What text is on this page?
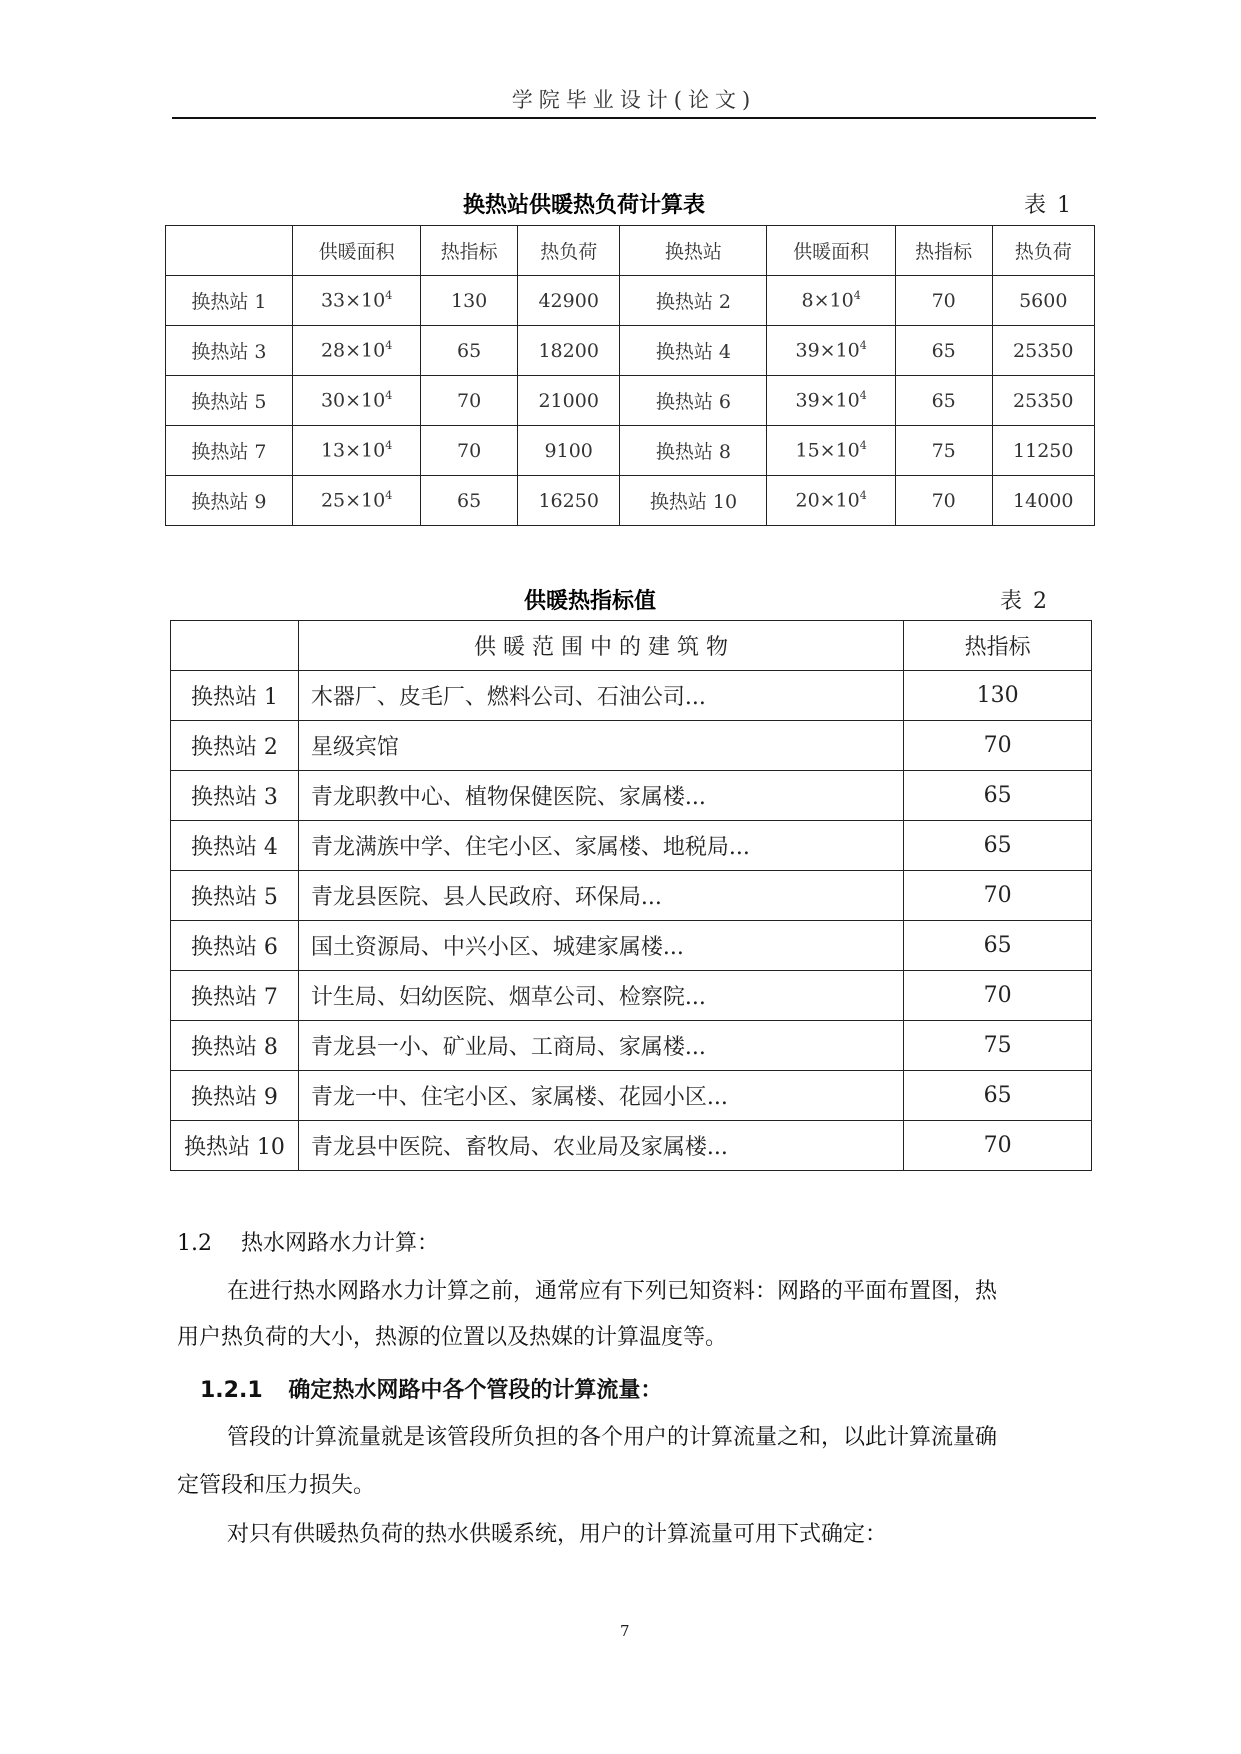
学院毕业设计(论文)
换热站供暖热负荷计算表	表 1
	供暖面积	热指标	热负荷	换热站	供暖面积	热指标	热负荷
换热站 1	$33\times 10^4$	130	42900	换热站 2	$8\times 10^4$	70	5600
换热站 3	$28\times 10^4$	65	18200	换热站 4	$39\times 10^4$	65	25350
换热站 5	$30\times 10^4$	70	21000	换热站 6	$39\times 10^4$	65	25350
换热站 7	$13\times 10^4$	70	9100	换热站 8	$15\times 10^4$	75	11250
换热站 9	$25\times 10^4$	65	16250	换热站 10	$20\times 10^4$	70	14000
供暖热指标值	表 2
	供 暖 范 围 中 的 建 筑 物	热指标
换热站 1	木器厂、皮毛厂、燃料公司、石油公司...	130
换热站 2	星级宾馆	70
换热站 3	青龙职教中心、植物保健医院、家属楼...	65
换热站 4	青龙满族中学、住宅小区、家属楼、地税局...	65
换热站 5	青龙县医院、县人民政府、环保局...	70
换热站 6	国土资源局、中兴小区、城建家属楼...	65
换热站 7	计生局、妇幼医院、烟草公司、检察院...	70
换热站 8	青龙县一小、矿业局、工商局、家属楼...	75
换热站 9	青龙一中、住宅小区、家属楼、花园小区...	65
换热站 10	青龙县中医院、畜牧局、农业局及家属楼...	70
1.2 热水网路水力计算：
在进行热水网路水力计算之前，通常应有下列已知资料：网路的平面布置图，热
用户热负荷的大小，热源的位置以及热媒的计算温度等。
1.2.1 确定热水网路中各个管段的计算流量：
管段的计算流量就是该管段所负担的各个用户的计算流量之和，以此计算流量确
定管段和压力损失。
对只有供暖热负荷的热水供暖系统，用户的计算流量可用下式确定：
7
